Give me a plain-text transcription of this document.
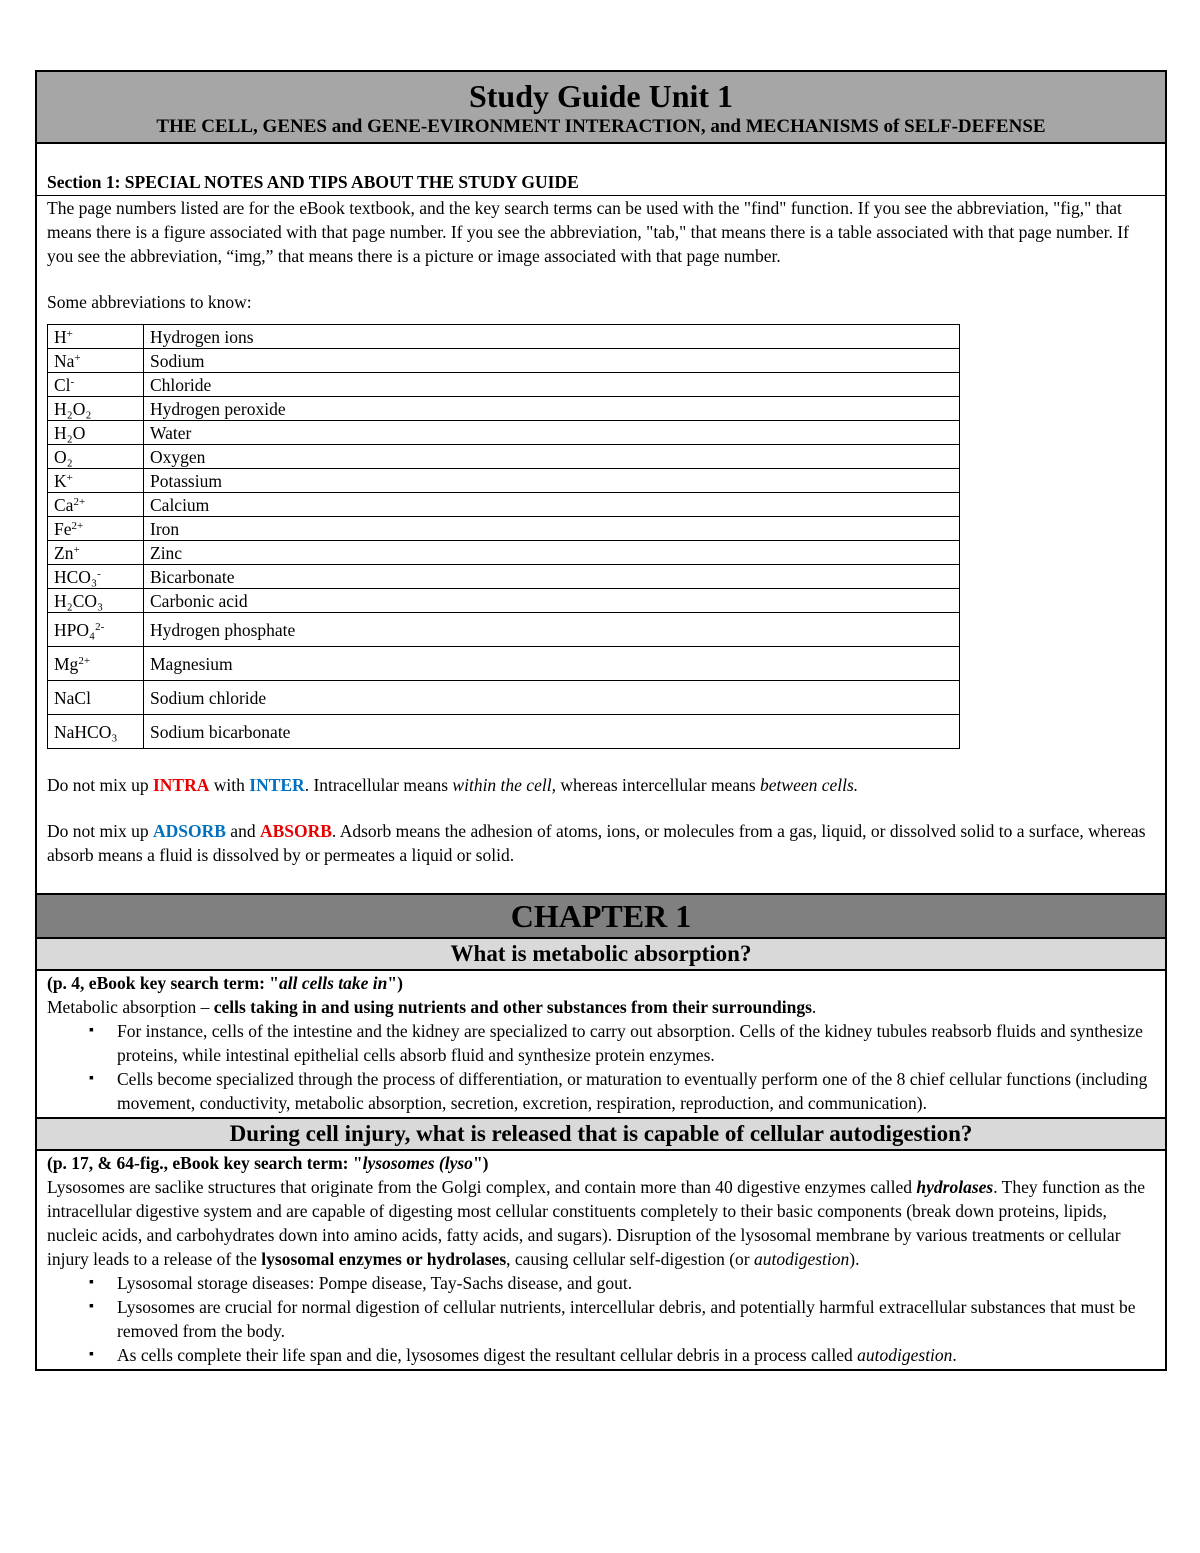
Study Guide Unit 1
THE CELL, GENES and GENE-EVIRONMENT INTERACTION, and MECHANISMS of SELF-DEFENSE
Section 1: SPECIAL NOTES AND TIPS ABOUT THE STUDY GUIDE

The page numbers listed are for the eBook textbook, and the key search terms can be used with the "find" function. If you see the abbreviation, "fig," that means there is a figure associated with that page number. If you see the abbreviation, "tab," that means there is a table associated with that page number. If you see the abbreviation, “img,” that means there is a picture or image associated with that page number.

Some abbreviations to know:

H+	Hydrogen ions
Na+	Sodium
Cl-	Chloride
H₂O₂	Hydrogen peroxide
H₂O	Water
O₂	Oxygen
K+	Potassium
$Ca^{2+}$	Calcium
$Fe^{2+}$	Iron
Zn+	Zinc
HCO₃-	Bicarbonate
H₂CO₃	Carbonic acid
HPO₄$^{2-}$	Hydrogen phosphate
$Mg^{2+}$	Magnesium
NaCl	Sodium chloride
NaHCO₃	Sodium bicarbonate

Do not mix up INTRA with INTER. Intracellular means within the cell, whereas intercellular means between cells.

Do not mix up ADSORB and ABSORB. Adsorb means the adhesion of atoms, ions, or molecules from a gas, liquid, or dissolved solid to a surface, whereas absorb means a fluid is dissolved by or permeates a liquid or solid.

CHAPTER 1
What is metabolic absorption?

(p. 4, eBook key search term: "all cells take in")

Metabolic absorption – cells taking in and using nutrients and other substances from their surroundings.

▪ For instance, cells of the intestine and the kidney are specialized to carry out absorption. Cells of the kidney tubules reabsorb fluids and synthesize proteins, while intestinal epithelial cells absorb fluid and synthesize protein enzymes.
▪ Cells become specialized through the process of differentiation, or maturation to eventually perform one of the 8 chief cellular functions (including movement, conductivity, metabolic absorption, secretion, excretion, respiration, reproduction, and communication).
During cell injury, what is released that is capable of cellular autodigestion?

(p. 17, & 64-fig., eBook key search term: "lysosomes (lyso")

Lysosomes are saclike structures that originate from the Golgi complex, and contain more than 40 digestive enzymes called hydrolases. They function as the intracellular digestive system and are capable of digesting most cellular constituents completely to their basic components (break down proteins, lipids, nucleic acids, and carbohydrates down into amino acids, fatty acids, and sugars). Disruption of the lysosomal membrane by various treatments or cellular injury leads to a release of the lysosomal enzymes or hydrolases, causing cellular self-digestion (or autodigestion).

▪ Lysosomal storage diseases: Pompe disease, Tay-Sachs disease, and gout.
▪ Lysosomes are crucial for normal digestion of cellular nutrients, intercellular debris, and potentially harmful extracellular substances that must be removed from the body.
▪ As cells complete their life span and die, lysosomes digest the resultant cellular debris in a process called autodigestion.
